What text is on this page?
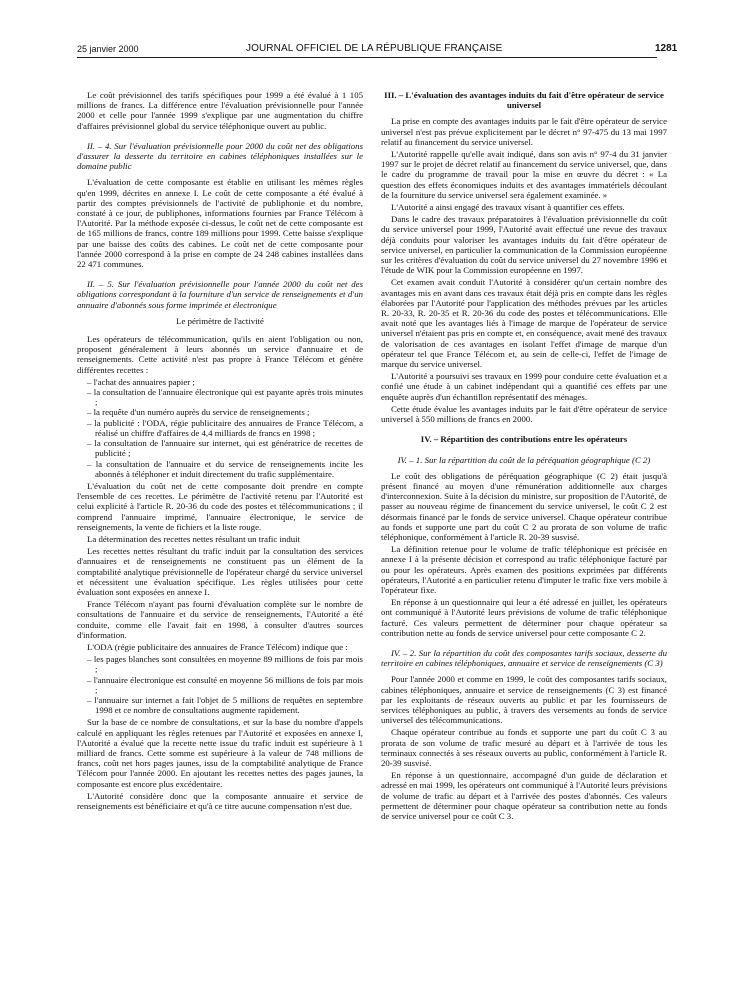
25 janvier 2000	JOURNAL OFFICIEL DE LA RÉPUBLIQUE FRANÇAISE	1281

Le coût prévisionnel des tarifs spécifiques pour 1999 a été évalué à 1 105 millions de francs. La différence entre l'évaluation prévisionnelle pour l'année 2000 et celle pour l'année 1999 s'explique par une augmentation du chiffre d'affaires prévisionnel global du service téléphonique ouvert au public.

II. – 4. Sur l'évaluation prévisionnelle pour 2000 du coût net des obligations d'assurer la desserte du territoire en cabines téléphoniques installées sur le domaine public

L'évaluation de cette composante est établie en utilisant les mêmes règles qu'en 1999, décrites en annexe I. Le coût de cette composante a été évalué à partir des comptes prévisionnels de l'activité de publiphonie et du nombre, constaté à ce jour, de publiphones, informations fournies par France Télécom à l'Autorité. Par la méthode exposée ci-dessus, le coût net de cette composante est de 165 millions de francs, contre 189 millions pour 1999. Cette baisse s'explique par une baisse des coûts des cabines. Le coût net de cette composante pour l'année 2000 correspond à la prise en compte de 24 248 cabines installées dans 22 471 communes.

II. – 5. Sur l'évaluation prévisionnelle pour l'année 2000 du coût net des obligations correspondant à la fourniture d'un service de renseignements et d'un annuaire d'abonnés sous forme imprimée et électronique

Le périmètre de l'activité

Les opérateurs de télécommunication, qu'ils en aient l'obligation ou non, proposent généralement à leurs abonnés un service d'annuaire et de renseignements. Cette activité n'est pas propre à France Télécom et génère différentes recettes :

– l'achat des annuaires papier ;
– la consultation de l'annuaire électronique qui est payante après trois minutes ;
– la requête d'un numéro auprès du service de renseignements ;
– la publicité : l'ODA, régie publicitaire des annuaires de France Télécom, a réalisé un chiffre d'affaires de 4,4 milliards de francs en 1998 ;
– la consultation de l'annuaire sur internet, qui est génératrice de recettes de publicité ;
– la consultation de l'annuaire et du service de renseignements incite les abonnés à téléphoner et induit directement du trafic supplémentaire.

L'évaluation du coût net de cette composante doit prendre en compte l'ensemble de ces recettes. Le périmètre de l'activité retenu par l'Autorité est celui explicité à l'article R. 20-36 du code des postes et télécommunications ; il comprend l'annuaire imprimé, l'annuaire électronique, le service de renseignements, la vente de fichiers et la liste rouge.

La détermination des recettes nettes résultant un trafic induit

Les recettes nettes résultant du trafic induit par la consultation des services d'annuaires et de renseignements ne constituent pas un élément de la comptabilité analytique prévisionnelle de l'opérateur chargé du service universel et nécessitent une évaluation spécifique. Les règles utilisées pour cette évaluation sont exposées en annexe I.

France Télécom n'ayant pas fourni d'évaluation complète sur le nombre de consultations de l'annuaire et du service de renseignements, l'Autorité a été conduite, comme elle l'avait fait en 1998, à consulter d'autres sources d'information.

L'ODA (régie publicitaire des annuaires de France Télécom) indique que :

– les pages blanches sont consultées en moyenne 89 millions de fois par mois ;
– l'annuaire électronique est consulté en moyenne 56 millions de fois par mois ;
– l'annuaire sur internet a fait l'objet de 5 millions de requêtes en septembre 1998 et ce nombre de consultations augmente rapidement.

Sur la base de ce nombre de consultations, et sur la base du nombre d'appels calculé en appliquant les règles retenues par l'Autorité et exposées en annexe I, l'Autorité a évalué que la recette nette issue du trafic induit est supérieure à 1 milliard de francs. Cette somme est supérieure à la valeur de 748 millions de francs, coût net hors pages jaunes, issu de la comptabilité analytique de France Télécom pour l'année 2000. En ajoutant les recettes nettes des pages jaunes, la composante est encore plus excédentaire.

L'Autorité considère donc que la composante annuaire et service de renseignements est bénéficiaire et qu'à ce titre aucune compensation n'est due.

III. – L'évaluation des avantages induits du fait d'être opérateur de service universel

La prise en compte des avantages induits par le fait d'être opérateur de service universel n'est pas prévue explicitement par le décret n° 97-475 du 13 mai 1997 relatif au financement du service universel.

L'Autorité rappelle qu'elle avait indiqué, dans son avis n° 97-4 du 31 janvier 1997 sur le projet de décret relatif au financement du service universel, que, dans le cadre du programme de travail pour la mise en œuvre du décret : « La question des effets économiques induits et des avantages immatériels découlant de la fourniture du service universel sera également examinée. »

L'Autorité a ainsi engagé des travaux visant à quantifier ces effets.

Dans le cadre des travaux préparatoires à l'évaluation prévisionnelle du coût du service universel pour 1999, l'Autorité avait effectué une revue des travaux déjà conduits pour valoriser les avantages induits du fait d'être opérateur de service universel, en particulier la communication de la Commission européenne sur les critères d'évaluation du coût du service universel du 27 novembre 1996 et l'étude de WIK pour la Commission européenne en 1997.

Cet examen avait conduit l'Autorité à considérer qu'un certain nombre des avantages mis en avant dans ces travaux était déjà pris en compte dans les règles élaborées par l'Autorité pour l'application des méthodes prévues par les articles R. 20-33, R. 20-35 et R. 20-36 du code des postes et télécommunications. Elle avait noté que les avantages liés à l'image de marque de l'opérateur de service universel n'étaient pas pris en compte et, en conséquence, avait mené des travaux de valorisation de ces avantages en isolant l'effet d'image de marque d'un opérateur tel que France Télécom et, au sein de celle-ci, l'effet de l'image de marque du service universel.

L'Autorité a poursuivi ses travaux en 1999 pour conduire cette évaluation et a confié une étude à un cabinet indépendant qui a quantifié ces effets par une enquête auprès d'un échantillon représentatif des ménages.

Cette étude évalue les avantages induits par le fait d'être opérateur de service universel à 550 millions de francs en 2000.

IV. – Répartition des contributions entre les opérateurs
IV. – 1. Sur la répartition du coût de la péréquation géographique (C 2)

Le coût des obligations de péréquation géographique (C 2) était jusqu'à présent financé au moyen d'une rémunération additionnelle aux charges d'interconnexion. Suite à la décision du ministre, sur proposition de l'Autorité, de passer au nouveau régime de financement du service universel, le coût C 2 est désormais financé par le fonds de service universel. Chaque opérateur contribue au fonds et supporte une part du coût C 2 au prorata de son volume de trafic téléphonique, conformément à l'article R. 20-39 susvisé.

La définition retenue pour le volume de trafic téléphonique est précisée en annexe I à la présente décision et correspond au trafic téléphonique facturé par ou pour les opérateurs. Après examen des positions exprimées par différents opérateurs, l'Autorité a en particulier retenu d'imputer le trafic fixe vers mobile à l'opérateur fixe.

En réponse à un questionnaire qui leur a été adressé en juillet, les opérateurs ont communiqué à l'Autorité leurs prévisions de volume de trafic téléphonique facturé. Ces valeurs permettent de déterminer pour chaque opérateur sa contribution nette au fonds de service universel pour cette composante C 2.

IV. – 2. Sur la répartition du coût des composantes tarifs sociaux, desserte du territoire en cabines téléphoniques, annuaire et service de renseignements (C 3)

Pour l'année 2000 et comme en 1999, le coût des composantes tarifs sociaux, cabines téléphoniques, annuaire et service de renseignements (C 3) est financé par les exploitants de réseaux ouverts au public et par les fournisseurs de services téléphoniques au public, à travers des versements au fonds de service universel des télécommunications.

Chaque opérateur contribue au fonds et supporte une part du coût C 3 au prorata de son volume de trafic mesuré au départ et à l'arrivée de tous les terminaux connectés à ses réseaux ouverts au public, conformément à l'article R. 20-39 susvisé.

En réponse à un questionnaire, accompagné d'un guide de déclaration et adressé en mai 1999, les opérateurs ont communiqué à l'Autorité leurs prévisions de volume de trafic au départ et à l'arrivée des postes d'abonnés. Ces valeurs permettent de déterminer pour chaque opérateur sa contribution nette au fonds de service universel pour ce coût C 3.
